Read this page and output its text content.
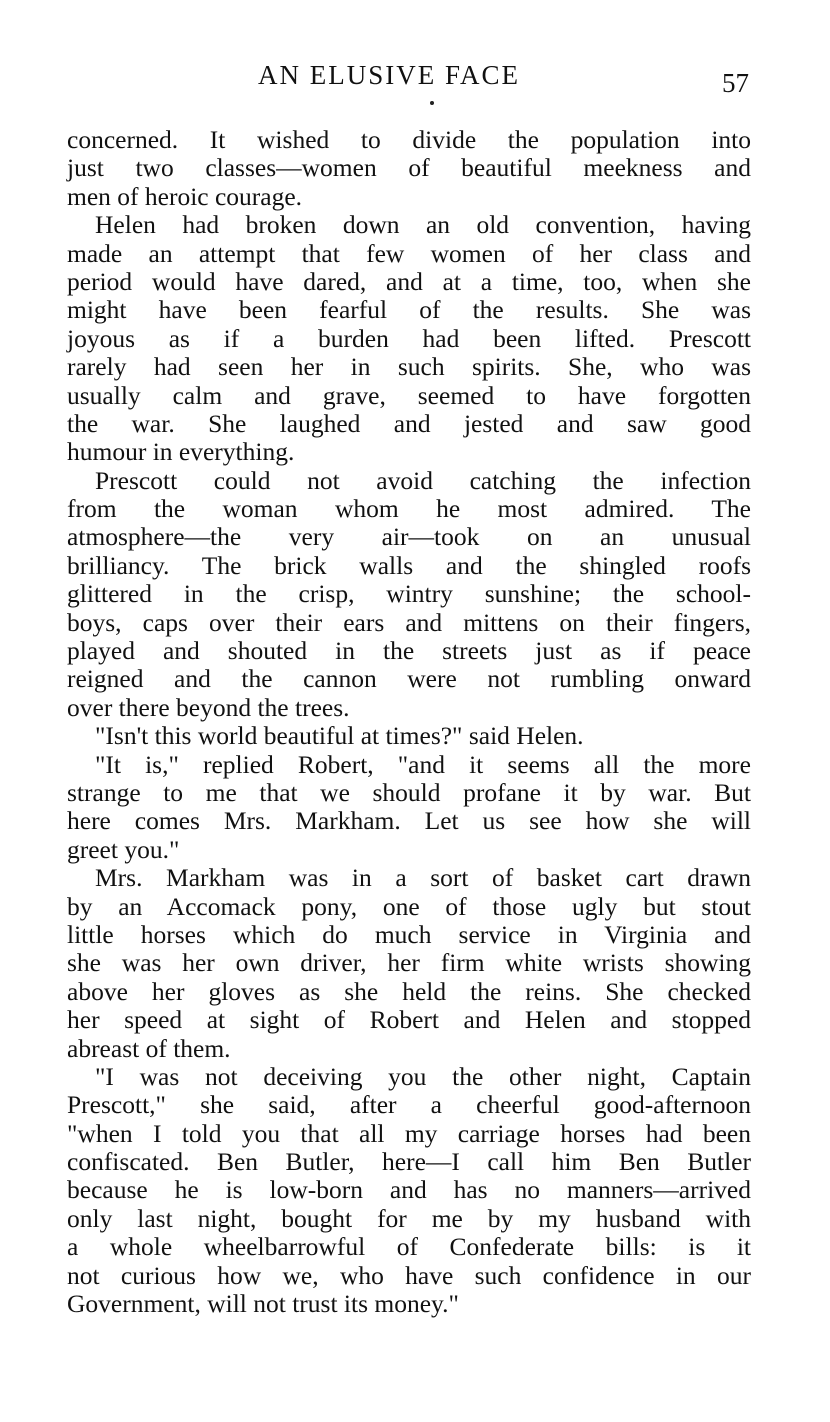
AN ELUSIVE FACE	57
concerned. It wished to divide the population into
just two classes—women of beautiful meekness and
men of heroic courage.
Helen had broken down an old convention, having
made an attempt that few women of her class and
period would have dared, and at a time, too, when she
might have been fearful of the results. She was
joyous as if a burden had been lifted. Prescott
rarely had seen her in such spirits. She, who was
usually calm and grave, seemed to have forgotten
the war. She laughed and jested and saw good
humour in everything.
Prescott could not avoid catching the infection
from the woman whom he most admired. The
atmosphere—the very air—took on an unusual
brilliancy. The brick walls and the shingled roofs
glittered in the crisp, wintry sunshine; the school-
boys, caps over their ears and mittens on their fingers,
played and shouted in the streets just as if peace
reigned and the cannon were not rumbling onward
over there beyond the trees.
"Isn't this world beautiful at times?" said Helen.
"It is," replied Robert, "and it seems all the more
strange to me that we should profane it by war. But
here comes Mrs. Markham. Let us see how she will
greet you."
Mrs. Markham was in a sort of basket cart drawn
by an Accomack pony, one of those ugly but stout
little horses which do much service in Virginia and
she was her own driver, her firm white wrists showing
above her gloves as she held the reins. She checked
her speed at sight of Robert and Helen and stopped
abreast of them.
"I was not deceiving you the other night, Captain
Prescott," she said, after a cheerful good-afternoon
"when I told you that all my carriage horses had been
confiscated. Ben Butler, here—I call him Ben Butler
because he is low-born and has no manners—arrived
only last night, bought for me by my husband with
a whole wheelbarrowful of Confederate bills: is it
not curious how we, who have such confidence in our
Government, will not trust its money."
